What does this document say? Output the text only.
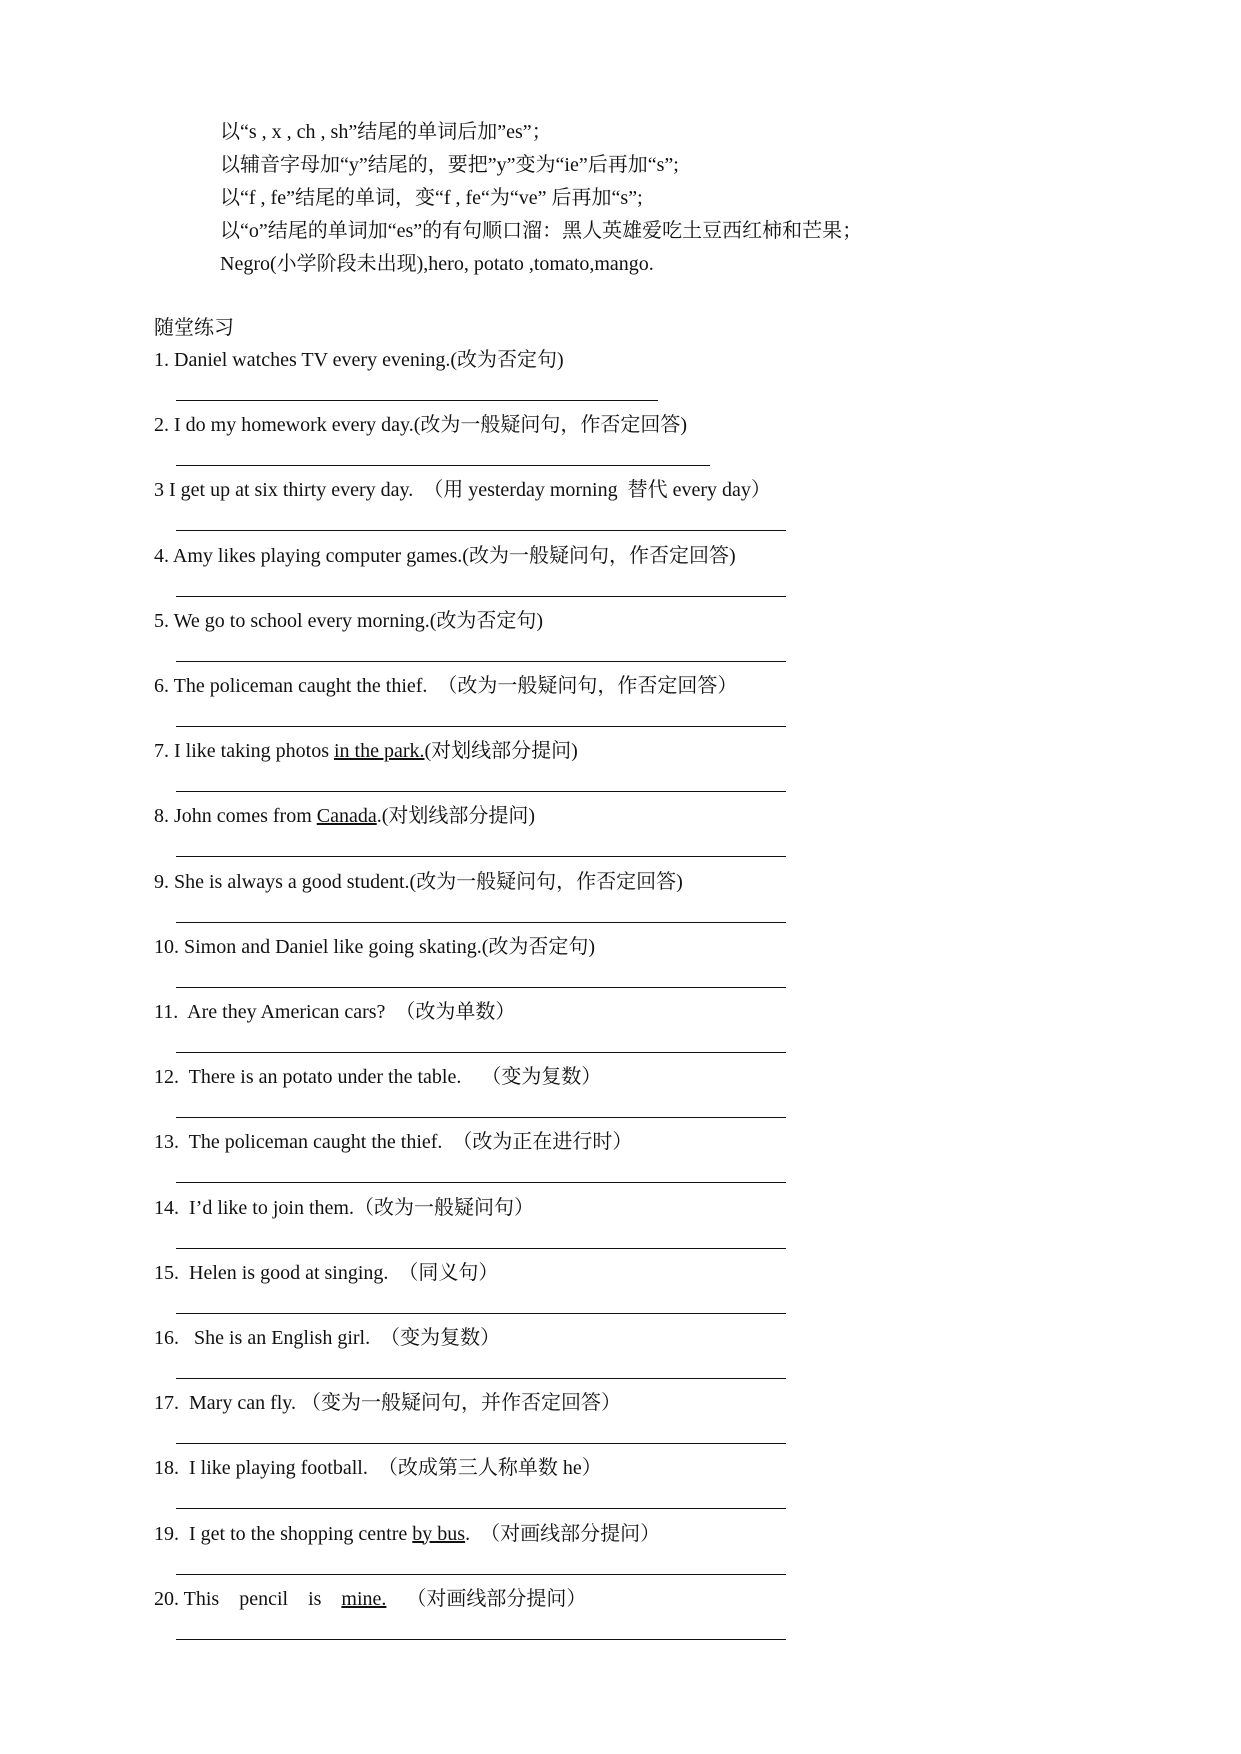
以“s , x , ch , sh”结尾的单词后加”es”；
以辅音字母加“y”结尾的，要把”y”变为“ie”后再加“s”;
以“f , fe”结尾的单词，变“f , fe“为“ve” 后再加“s”;
以“o”结尾的单词加“es”的有句顺口溜：黑人英雄爱吃土豆西红柿和芒果；
Negro(小学阶段未出现),hero, potato ,tomato,mango.
随堂练习
1. Daniel watches TV every evening.(改为否定句)
2. I do my homework every day.(改为一般疑问句，作否定回答)
3 I get up at six thirty every day.  （用 yesterday morning  替代 every day）
4. Amy likes playing computer games.(改为一般疑问句，作否定回答)
5. We go to school every morning.(改为否定句)
6. The policeman caught the thief.  （改为一般疑问句，作否定回答）
7. I like taking photos in the park.(对划线部分提问)
8. John comes from Canada.(对划线部分提问)
9. She is always a good student.(改为一般疑问句，作否定回答)
10. Simon and Daniel like going skating.(改为否定句)
11.  Are they American cars?  （改为单数）
12.  There is an potato under the table.    （变为复数）
13.  The policeman caught the thief.  （改为正在进行时）
14.  I’d like to join them.（改为一般疑问句）
15.  Helen is good at singing.  （同义句）
16.   She is an English girl.  （变为复数）
17.  Mary can fly. （变为一般疑问句，并作否定回答）
18.  I like playing football.  （改成第三人称单数 he）
19.  I get to the shopping centre by bus.  （对画线部分提问）
20. This    pencil    is    mine.    （对画线部分提问）
